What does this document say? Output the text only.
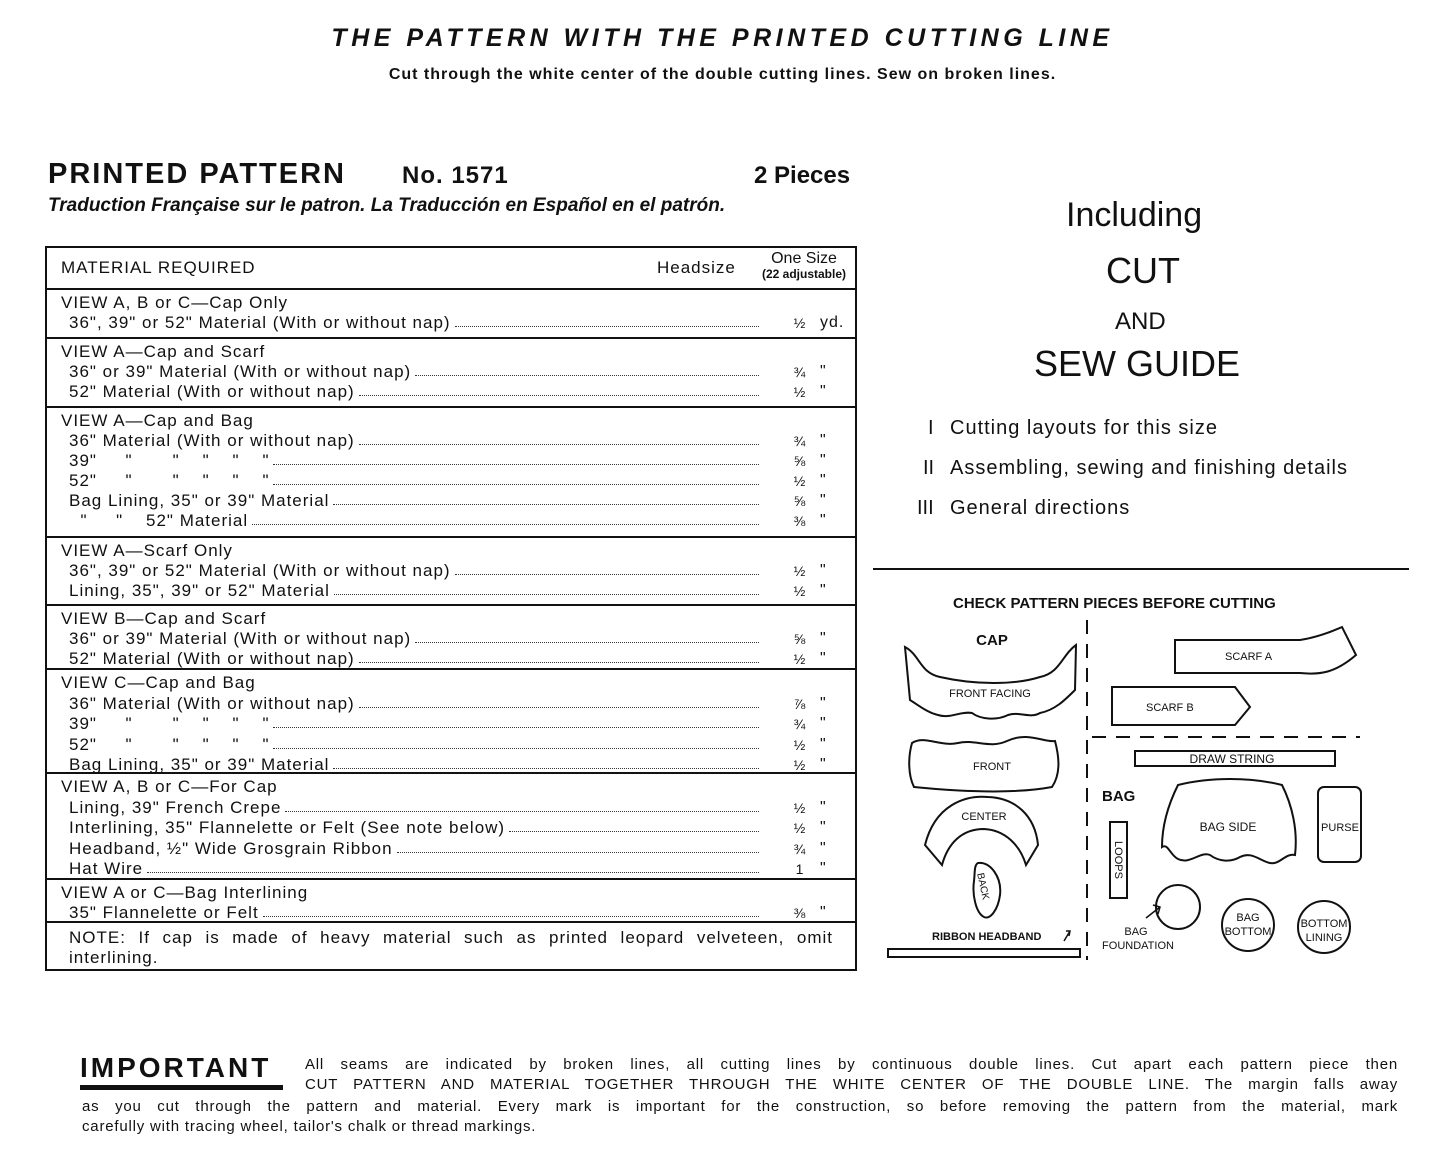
THE PATTERN WITH THE PRINTED CUTTING LINE
Cut through the white center of the double cutting lines. Sew on broken lines.
PRINTED PATTERN No. 1571	2 Pieces
Traduction Française sur le patron. La Traducción en Español en el patrón.
MATERIAL REQUIRED	Headsize	One Size
(22 adjustable)
VIEW A, B or C—Cap Only
36", 39" or 52" Material (With or without nap)	½ yd.
VIEW A—Cap and Scarf
36" or 39" Material (With or without nap)	¾ "
52" Material (With or without nap)	½ "
VIEW A—Cap and Bag
36" Material (With or without nap)	¾ "
39"     "       "    "    "    "	⅝ "
52"     "       "    "    "    "	½ "
Bag Lining, 35" or 39" Material	⅝ "
"     "    52" Material	⅜ "
VIEW A—Scarf Only
36", 39" or 52" Material (With or without nap)	½ "
Lining, 35", 39" or 52" Material	½ "
VIEW B—Cap and Scarf
36" or 39" Material (With or without nap)	⅝ "
52" Material (With or without nap)	½ "
VIEW C—Cap and Bag
36" Material (With or without nap)	⅞ "
39"     "       "    "    "    "	¾ "
52"     "       "    "    "    "	½ "
Bag Lining, 35" or 39" Material	½ "
VIEW A, B or C—For Cap
Lining, 39" French Crepe	½ "
Interlining, 35" Flannelette or Felt (See note below)	½ "
Headband, ½" Wide Grosgrain Ribbon	¾ "
Hat Wire	1 "
VIEW A or C—Bag Interlining
35" Flannelette or Felt	⅜ "
NOTE: If cap is made of heavy material such as printed leopard velveteen, omit interlining.
Including
CUT
AND
SEW GUIDE
I Cutting layouts for this size
II Assembling, sewing and finishing details
III General directions
CHECK PATTERN PIECES BEFORE CUTTING
CAP
FRONT FACING
FRONT
CENTER
BACK
RIBBON HEADBAND
SCARF A
SCARF B
DRAW STRING
BAG
BAG SIDE	PURSE
LOOPS
BAG
FOUNDATION
BAG
BOTTOM
BOTTOM
LINING
IMPORTANT All seams are indicated by broken lines, all cutting lines by continuous double lines. Cut apart each pattern piece then
CUT PATTERN AND MATERIAL TOGETHER THROUGH THE WHITE CENTER OF THE DOUBLE LINE. The margin falls away
as you cut through the pattern and material. Every mark is important for the construction, so before removing the pattern from the material, mark
carefully with tracing wheel, tailor's chalk or thread markings.
